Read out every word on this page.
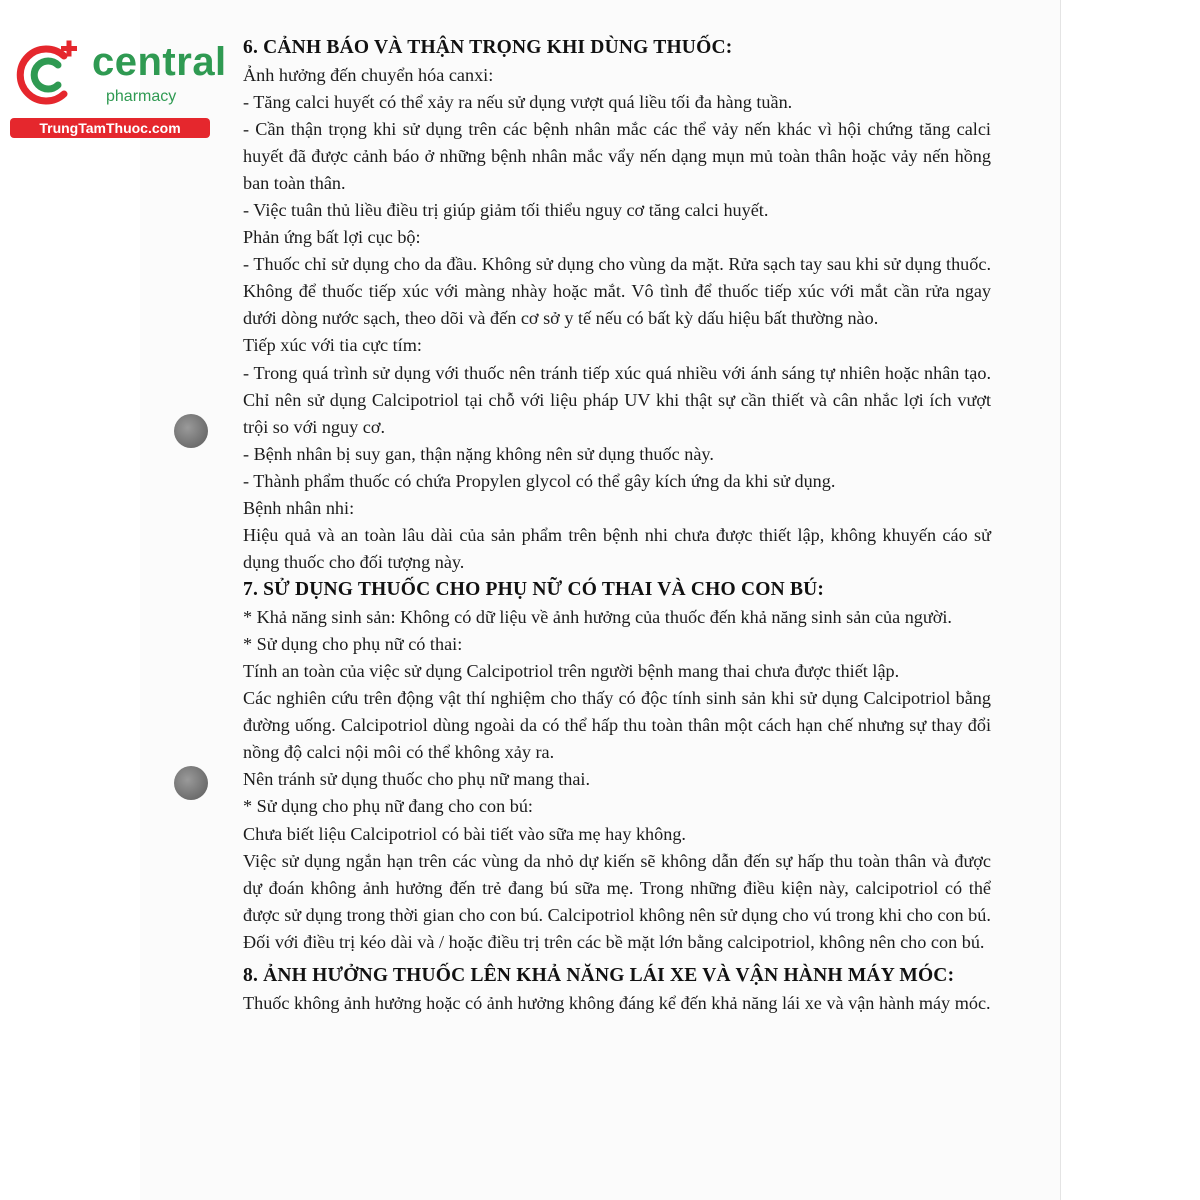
central
pharmacy
TrungTamThuoc.com
6. CẢNH BÁO VÀ THẬN TRỌNG KHI DÙNG THUỐC:

Ảnh hưởng đến chuyển hóa canxi:

- Tăng calci huyết có thể xảy ra nếu sử dụng vượt quá liều tối đa hàng tuần.

- Cần thận trọng khi sử dụng trên các bệnh nhân mắc các thể vảy nến khác vì hội chứng tăng calci huyết đã được cảnh báo ở những bệnh nhân mắc vẩy nến dạng mụn mủ toàn thân hoặc vảy nến hồng ban toàn thân.

- Việc tuân thủ liều điều trị giúp giảm tối thiểu nguy cơ tăng calci huyết.

Phản ứng bất lợi cục bộ:

- Thuốc chỉ sử dụng cho da đầu. Không sử dụng cho vùng da mặt. Rửa sạch tay sau khi sử dụng thuốc. Không để thuốc tiếp xúc với màng nhày hoặc mắt. Vô tình để thuốc tiếp xúc với mắt cần rửa ngay dưới dòng nước sạch, theo dõi và đến cơ sở y tế nếu có bất kỳ dấu hiệu bất thường nào.

Tiếp xúc với tia cực tím:

- Trong quá trình sử dụng với thuốc nên tránh tiếp xúc quá nhiều với ánh sáng tự nhiên hoặc nhân tạo. Chỉ nên sử dụng Calcipotriol tại chỗ với liệu pháp UV khi thật sự cần thiết và cân nhắc lợi ích vượt trội so với nguy cơ.

- Bệnh nhân bị suy gan, thận nặng không nên sử dụng thuốc này.

- Thành phẩm thuốc có chứa Propylen glycol có thể gây kích ứng da khi sử dụng.

Bệnh nhân nhi:

Hiệu quả và an toàn lâu dài của sản phẩm trên bệnh nhi chưa được thiết lập, không khuyến cáo sử dụng thuốc cho đối tượng này.

7. SỬ DỤNG THUỐC CHO PHỤ NỮ CÓ THAI VÀ CHO CON BÚ:

* Khả năng sinh sản: Không có dữ liệu về ảnh hưởng của thuốc đến khả năng sinh sản của người.

* Sử dụng cho phụ nữ có thai:

Tính an toàn của việc sử dụng Calcipotriol trên người bệnh mang thai chưa được thiết lập.

Các nghiên cứu trên động vật thí nghiệm cho thấy có độc tính sinh sản khi sử dụng Calcipotriol bằng đường uống. Calcipotriol dùng ngoài da có thể hấp thu toàn thân một cách hạn chế nhưng sự thay đổi nồng độ calci nội môi có thể không xảy ra.

Nên tránh sử dụng thuốc cho phụ nữ mang thai.

* Sử dụng cho phụ nữ đang cho con bú:

Chưa biết liệu Calcipotriol có bài tiết vào sữa mẹ hay không.

Việc sử dụng ngắn hạn trên các vùng da nhỏ dự kiến sẽ không dẫn đến sự hấp thu toàn thân và được dự đoán không ảnh hưởng đến trẻ đang bú sữa mẹ. Trong những điều kiện này, calcipotriol có thể được sử dụng trong thời gian cho con bú. Calcipotriol không nên sử dụng cho vú trong khi cho con bú.

Đối với điều trị kéo dài và / hoặc điều trị trên các bề mặt lớn bằng calcipotriol, không nên cho con bú.

8. ẢNH HƯỞNG THUỐC LÊN KHẢ NĂNG LÁI XE VÀ VẬN HÀNH MÁY MÓC:

Thuốc không ảnh hưởng hoặc có ảnh hưởng không đáng kể đến khả năng lái xe và vận hành máy móc.
